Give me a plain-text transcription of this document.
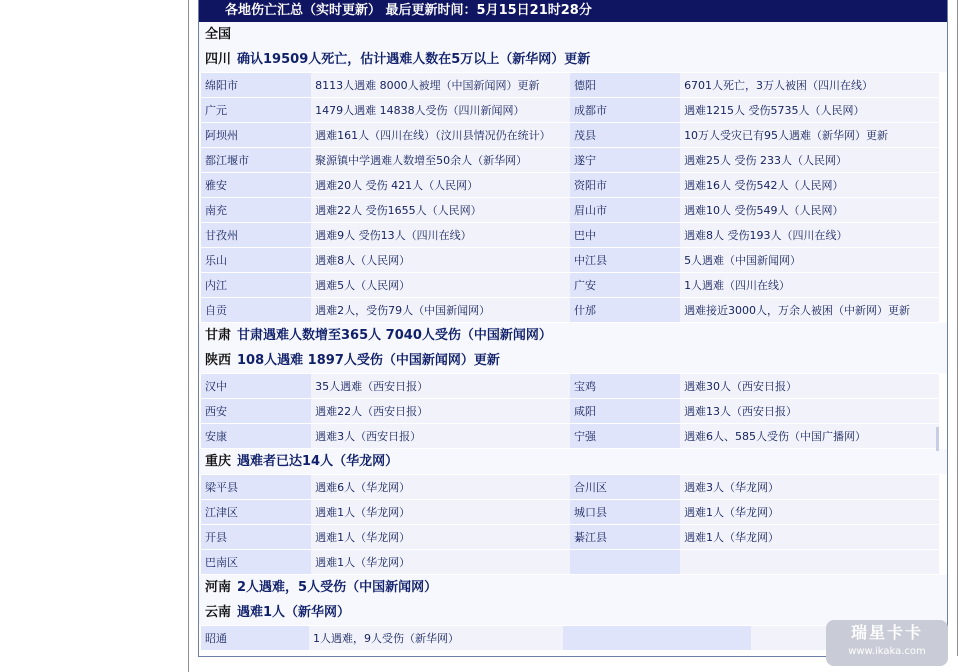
各地伤亡汇总（实时更新） 最后更新时间：5月15日21时28分
全国
四川 确认19509人死亡，估计遇难人数在5万以上（新华网）更新
绵阳市	8113人遇难 8000人被埋（中国新闻网）更新	德阳	6701人死亡，3万人被困（四川在线）
广元	1479人遇难 14838人受伤（四川新闻网）	成都市	遇难1215人 受伤5735人（人民网）
阿坝州	遇难161人（四川在线）（汶川县情况仍在统计）	茂县	10万人受灾已有95人遇难（新华网）更新
都江堰市	聚源镇中学遇难人数增至50余人（新华网）	遂宁	遇难25人 受伤 233人（人民网）
雅安	遇难20人 受伤 421人（人民网）	资阳市	遇难16人 受伤542人（人民网）
南充	遇难22人 受伤1655人（人民网）	眉山市	遇难10人 受伤549人（人民网）
甘孜州	遇难9人 受伤13人（四川在线）	巴中	遇难8人 受伤193人（四川在线）
乐山	遇难8人（人民网）	中江县	5人遇难（中国新闻网）
内江	遇难5人（人民网）	广安	1人遇难（四川在线）
自贡	遇难2人，受伤79人（中国新闻网）	什邡	遇难接近3000人，万余人被困（中新网）更新
甘肃 甘肃遇难人数增至365人 7040人受伤（中国新闻网）
陕西 108人遇难 1897人受伤（中国新闻网）更新
汉中	35人遇难（西安日报）	宝鸡	遇难30人（西安日报）
西安	遇难22人（西安日报）	咸阳	遇难13人（西安日报）
安康	遇难3人（西安日报）	宁强	遇难6人、585人受伤（中国广播网）
重庆 遇难者已达14人（华龙网）
梁平县	遇难6人（华龙网）	合川区	遇难3人（华龙网）
江津区	遇难1人（华龙网）	城口县	遇难1人（华龙网）
开县	遇难1人（华龙网）	綦江县	遇难1人（华龙网）
巴南区	遇难1人（华龙网）		
河南 2人遇难，5人受伤（中国新闻网）
云南 遇难1人（新华网）
昭通	1人遇难，9人受伤（新华网）			瑞星卡卡
www.ikaka.com
